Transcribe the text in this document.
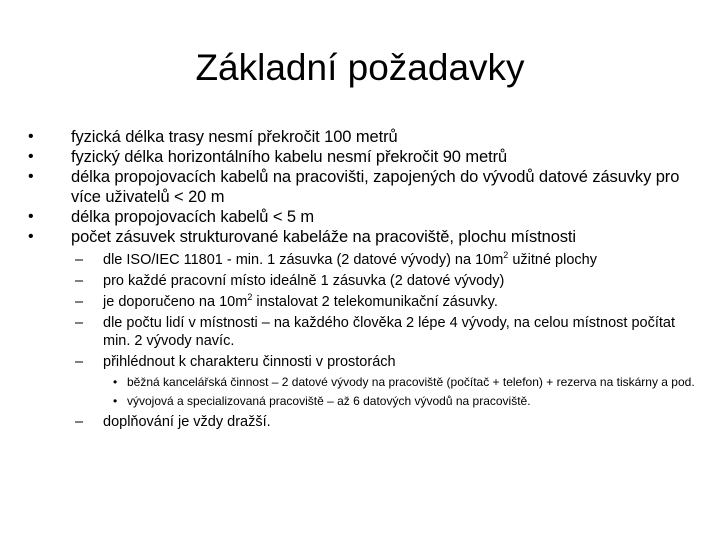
Základní požadavky
• fyzická délka trasy nesmí překročit 100 metrů
• fyzický délka horizontálního kabelu nesmí překročit 90 metrů
• délka propojovacích kabelů na pracovišti, zapojených do vývodů datové zásuvky pro více uživatelů < 20 m
• délka propojovacích kabelů < 5 m
• počet zásuvek strukturované kabeláže na pracoviště, plochu místnosti
– dle ISO/IEC 11801 - min. 1 zásuvka (2 datové vývody) na $10m^2$ užitné plochy
– pro každé pracovní místo ideálně 1 zásuvka (2 datové vývody)
– je doporučeno na $10m^2$ instalovat 2 telekomunikační zásuvky.
– dle počtu lidí v místnosti – na každého člověka 2 lépe 4 vývody, na celou místnost počítat min. 2 vývody navíc.
– přihlédnout k charakteru činnosti v prostorách
• běžná kancelářská činnost – 2 datové vývody na pracoviště (počítač + telefon) + rezerva na tiskárny a pod.
• vývojová a specializovaná pracoviště – až 6 datových vývodů na pracoviště.
– doplňování je vždy dražší.
